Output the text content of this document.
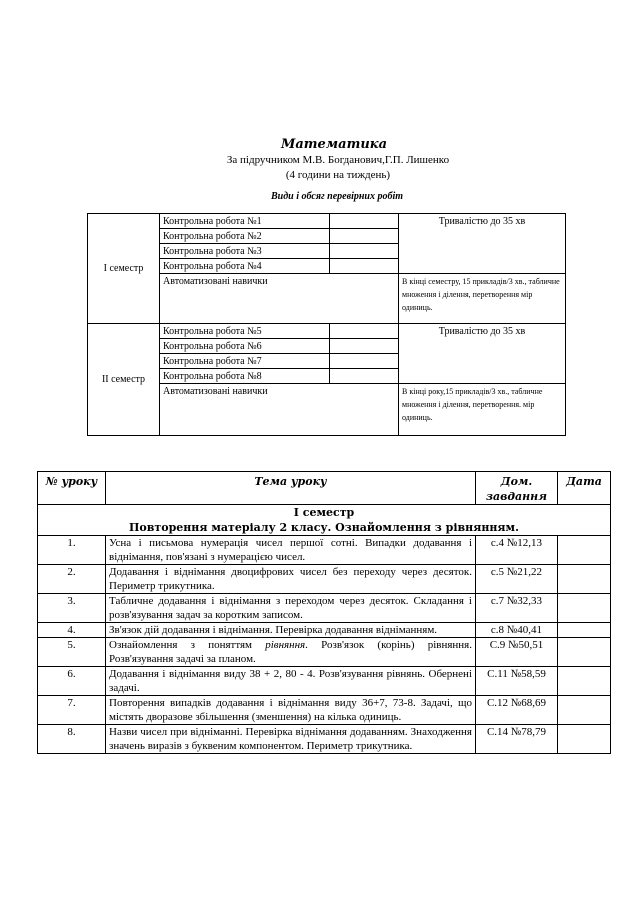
Математика
За підручником М.В. Богданович,Г.П. Лишенко
(4 години на тиждень)
Види і обсяг перевірних робіт
І семестр	Контрольна робота №1		Тривалістю до 35 хв
	Контрольна робота №2		
	Контрольна робота №3		
	Контрольна робота №4		
	Автоматизовані навички		В кінці семестру, 15 прикладів/3 хв., табличне множення і ділення, перетворення мір одиниць.
ІІ семестр	Контрольна робота №5		Тривалістю до 35 хв
	Контрольна робота №6		
	Контрольна робота №7		
	Контрольна робота №8		
	Автоматизовані навички		В кінці року,15 прикладів/3 хв., табличне множення і ділення, перетворення. мір одиниць.
№ уроку	Тема уроку	Дом. завдання	Дата

І семестр
Повторення матеріалу 2 класу. Ознайомлення з рівнянням.			

1.	Усна і письмова нумерація чисел першої сотні. Випадки додавання і віднімання, пов'язані з нумерацією чисел.	с.4 №12,13	
2.	Додавання і віднімання двоцифрових чисел без переходу через десяток. Периметр трикутника.	с.5 №21,22	
3.	Табличне додавання і віднімання з переходом через десяток. Складання і розв'язування задач за коротким записом.	с.7 №32,33	
4.	Зв'язок дій додавання і віднімання. Перевірка додавання відніманням.	с.8 №40,41	
5.	Ознайомлення з поняттям рівняння. Розв'язок (корінь) рівняння. Розв'язування задачі за планом.	С.9 №50,51	
6.	Додавання і віднімання виду 38 + 2, 80 - 4. Розв'язування рівнянь. Обернені задачі.	С.11 №58,59	
7.	Повторення випадків додавання і віднімання виду 36+7, 73-8. Задачі, що містять дворазове збільшення (зменшення) на кілька одиниць.	С.12 №68,69	
8.	Назви чисел при відніманні. Перевірка віднімання додаванням. Знаходження значень виразів з буквеним компонентом. Периметр трикутника.	С.14 №78,79	
